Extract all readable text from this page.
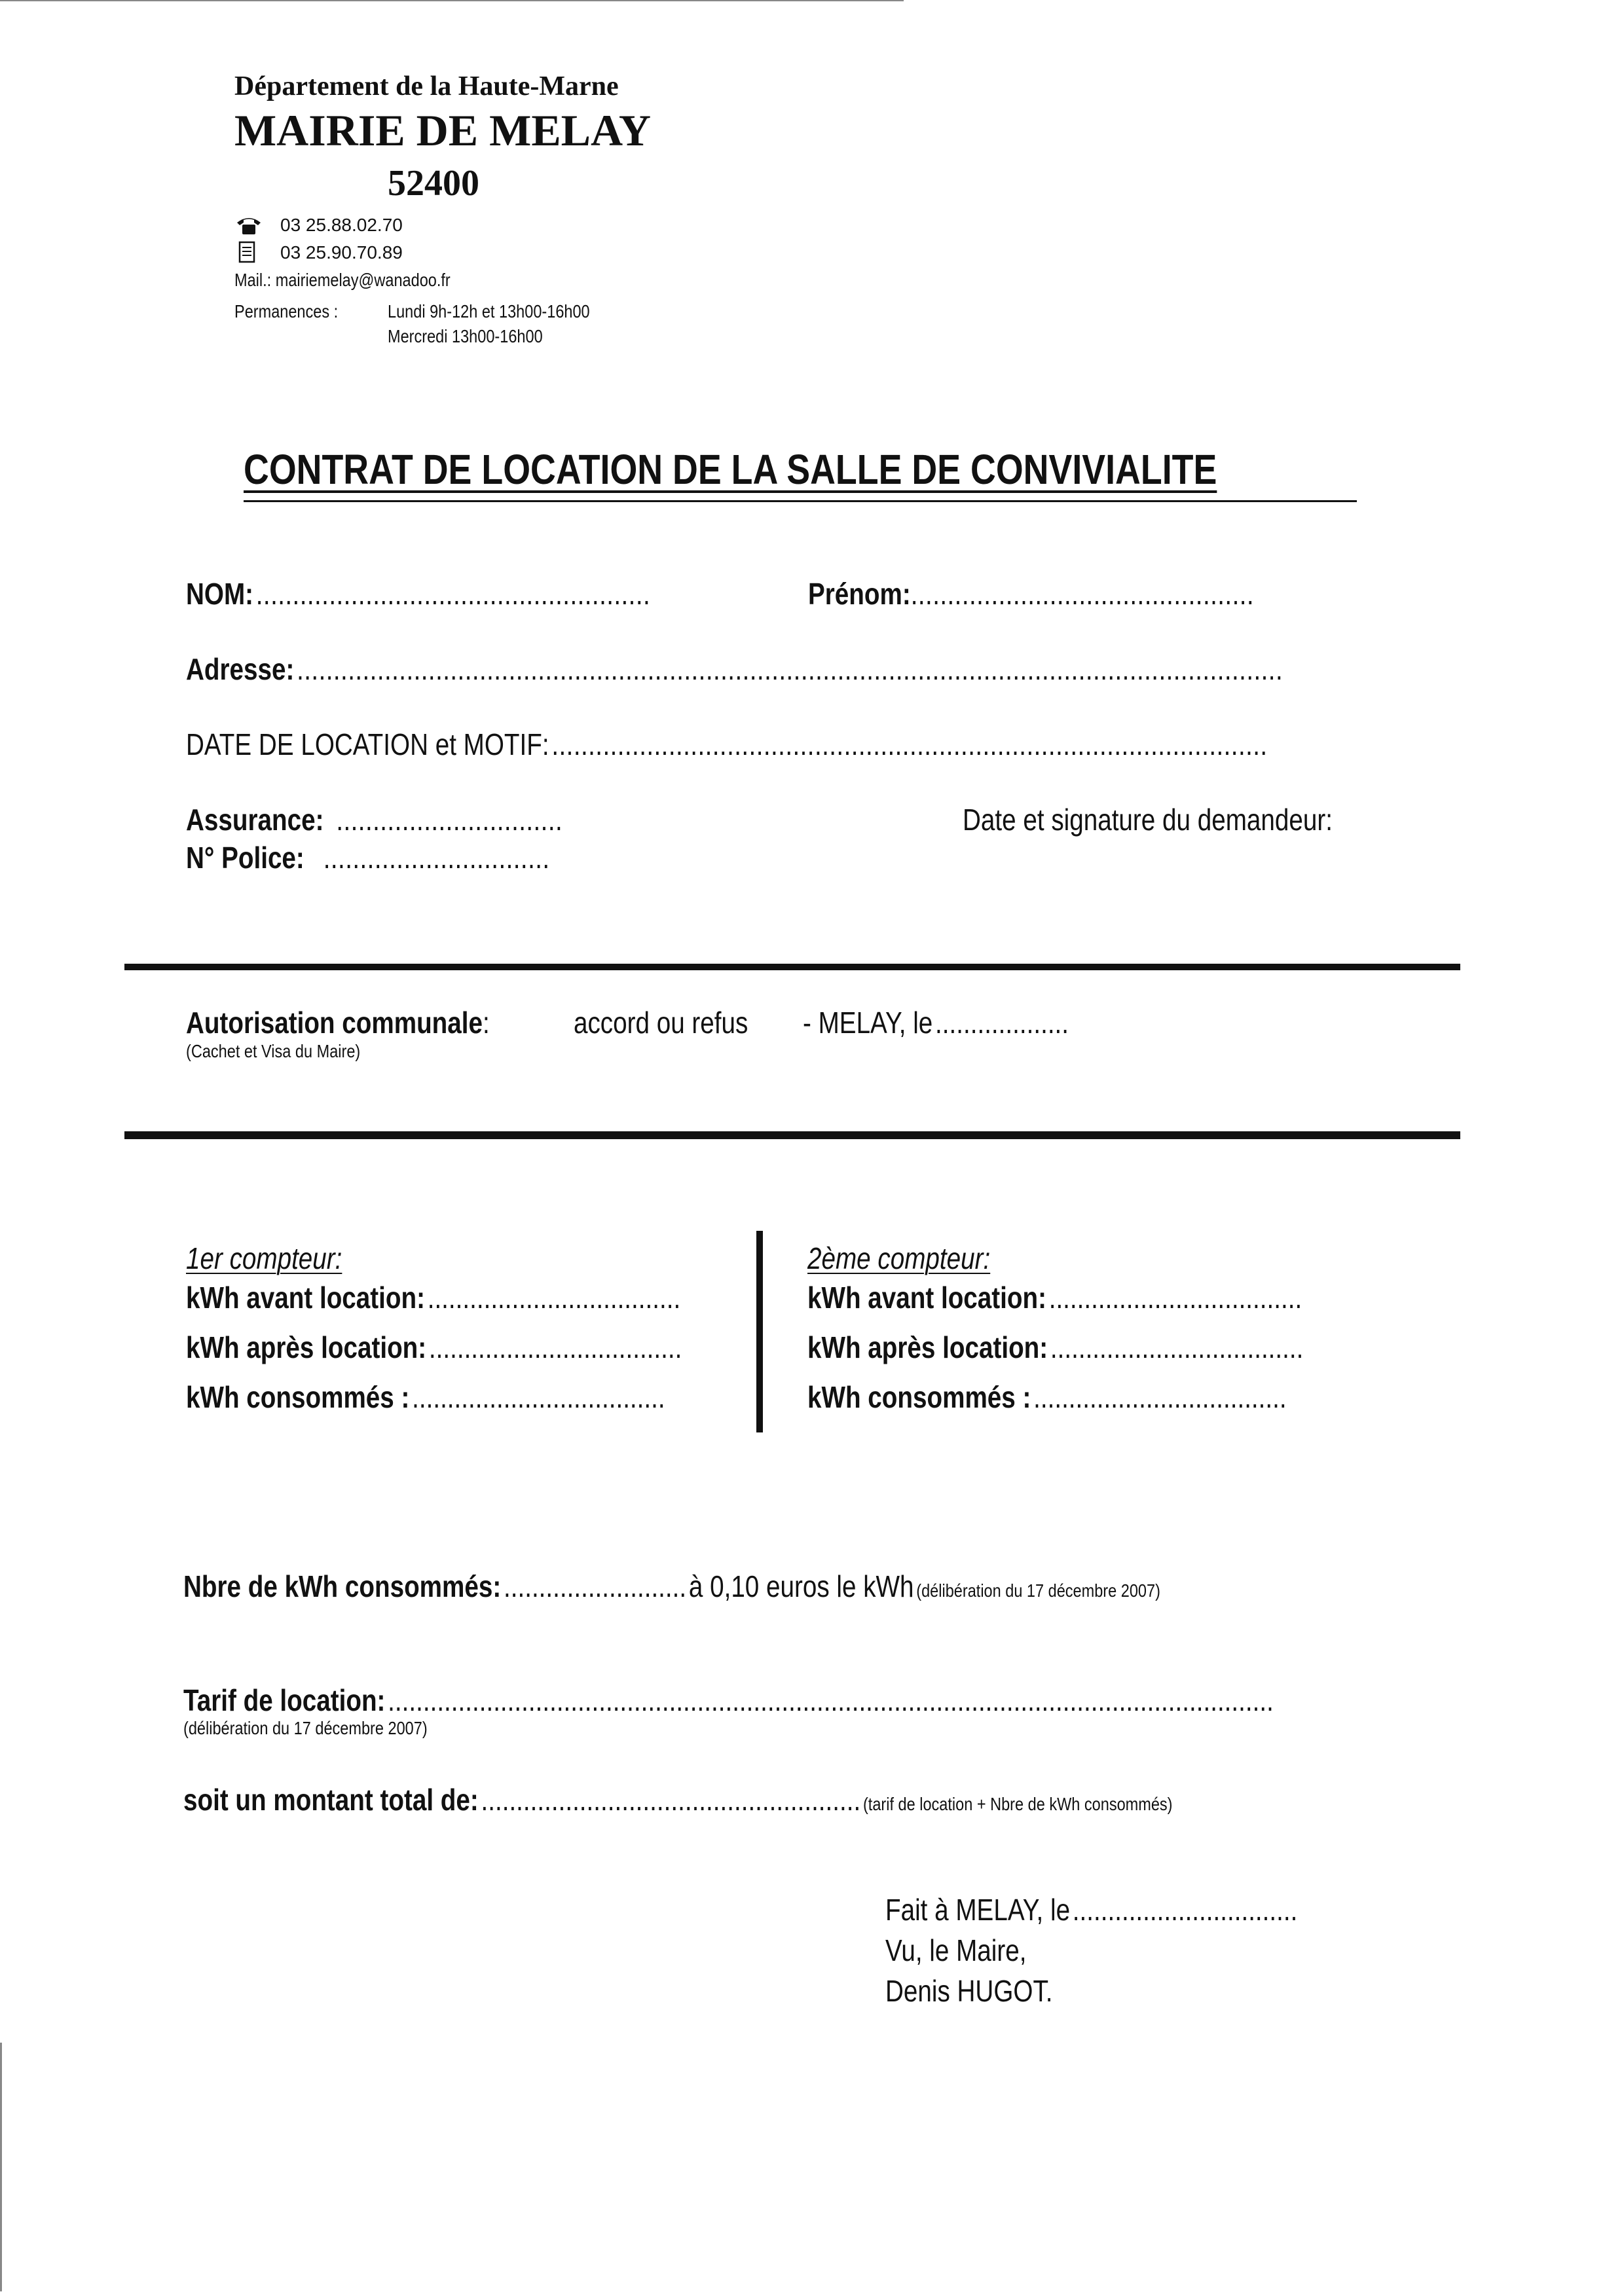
Département de la Haute-Marne
MAIRIE DE MELAY
52400
03 25.88.02.70
03 25.90.70.89
Mail.: mairiemelay@wanadoo.fr
Permanences :	Lundi 9h-12h et 13h00-16h00
Mercredi 13h00-16h00
CONTRAT DE LOCATION DE LA SALLE DE CONVIVIALITE
NOM: ......................................................	Prénom:...............................................
Adresse: .......................................................................................................................................
DATE DE LOCATION et MOTIF: ..................................................................................................
Assurance: ...............................
N° Police: ...............................
Date et signature du demandeur:
Autorisation communale:
(Cachet et Visa du Maire)
accord ou refus - MELAY, le ...................
1er compteur:
kWh avant location: ....................................
kWh après location: ....................................
kWh consommés : ....................................
2ème compteur:
kWh avant location: ....................................
kWh après location: ....................................
kWh consommés : ....................................
Nbre de kWh consommés: .......................... à 0,10 euros le kWh (délibération du 17 décembre 2007)
Tarif de location: ..............................................................................................................................
(délibération du 17 décembre 2007)
soit un montant total de: ...................................................... (tarif de location + Nbre de kWh consommés)
Fait à MELAY, le ................................
Vu, le Maire,
Denis HUGOT.
